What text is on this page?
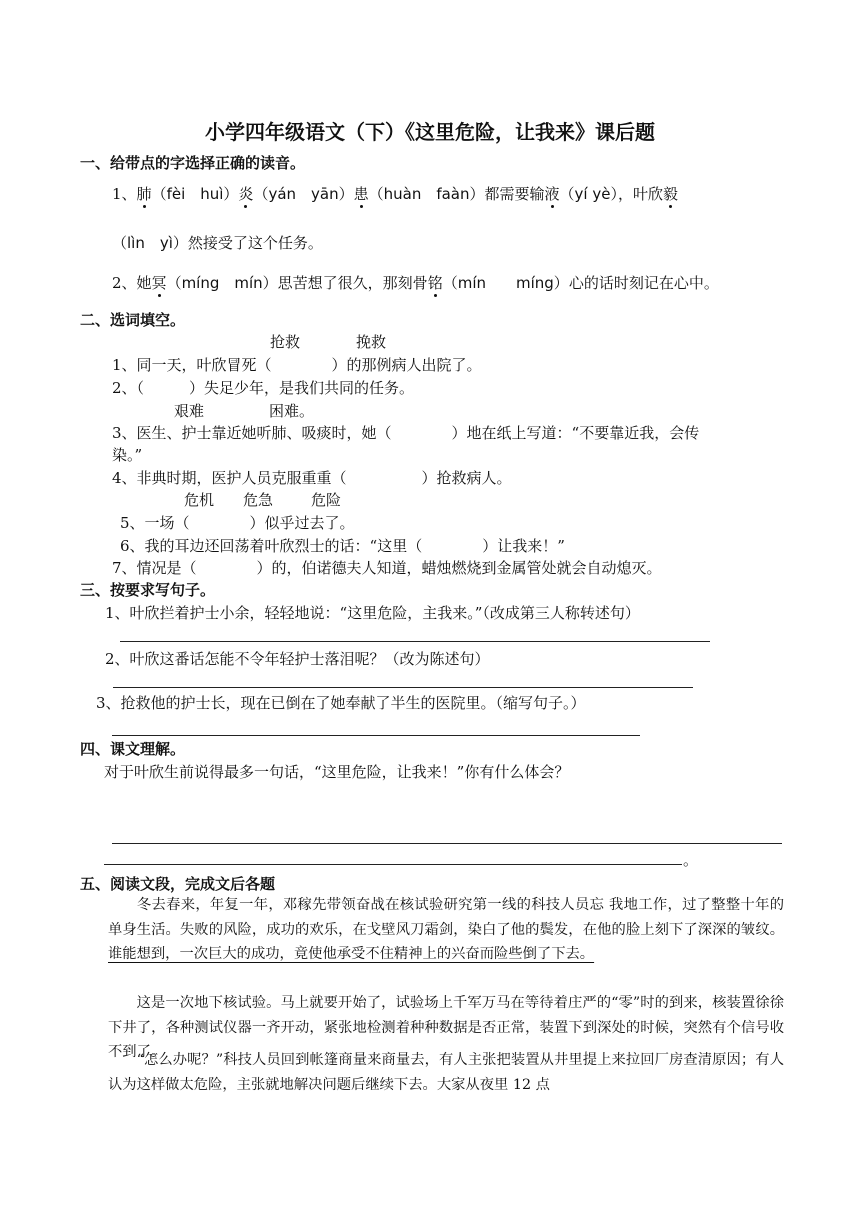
小学四年级语文（下）《这里危险，让我来》课后题
一、给带点的字选择正确的读音。
1、肺（fèi　huì）炎（yán　yān）患（huàn　faàn）都需要输液（yí yè），叶欣毅
（lìn　yì）然接受了这个任务。
2、她冥（míng　mín）思苦想了很久，那刻骨铭（mín　　míng）心的话时刻记在心中。
二、选词填空。
抢救	挽救
1、同一天，叶欣冒死（　　　　）的那例病人出院了。
2、（　　　）失足少年，是我们共同的任务。
艰难	困难。
3、医生、护士靠近她听肺、吸痰时，她（　　　　）地在纸上写道：“不要靠近我，会传
染。”
4、非典时期，医护人员克服重重（　　　　　）抢救病人。
危机 危急	危险
5、一场（　　　　）似乎过去了。
6、我的耳边还回荡着叶欣烈士的话：“这里（　　　　）让我来！”
7、情况是（　　　　）的，伯诺德夫人知道，蜡烛燃烧到金属管处就会自动熄灭。
三、按要求写句子。
1、叶欣拦着护士小余，轻轻地说：“这里危险，主我来。”（改成第三人称转述句）
2、叶欣这番话怎能不令年轻护士落泪呢？（改为陈述句）
3、抢救他的护士长，现在已倒在了她奉献了半生的医院里。（缩写句子。）
四、课文理解。
对于叶欣生前说得最多一句话，“这里危险，让我来！”你有什么体会？
。
五、阅读文段，完成文后各题
冬去春来，年复一年，邓稼先带领奋战在核试验研究第一线的科技人员忘 我地工作，过了整整十年的单身生活。失败的风险，成功的欢乐，在戈壁风刀霜剑，染白了他的鬓发，在他的脸上刻下了深深的皱纹。谁能想到，一次巨大的成功，竟使他承受不住精神上的兴奋而险些倒了下去。
这是一次地下核试验。马上就要开始了，试验场上千军万马在等待着庄严的“零”时的到来，核装置徐徐下井了，各种测试仪器一齐开动，紧张地检测着种种数据是否正常，装置下到深处的时候，突然有个信号收不到了。
“怎么办呢？”科技人员回到帐篷商量来商量去，有人主张把装置从井里提上来拉回厂房查清原因；有人认为这样做太危险，主张就地解决问题后继续下去。大家从夜里 12 点
